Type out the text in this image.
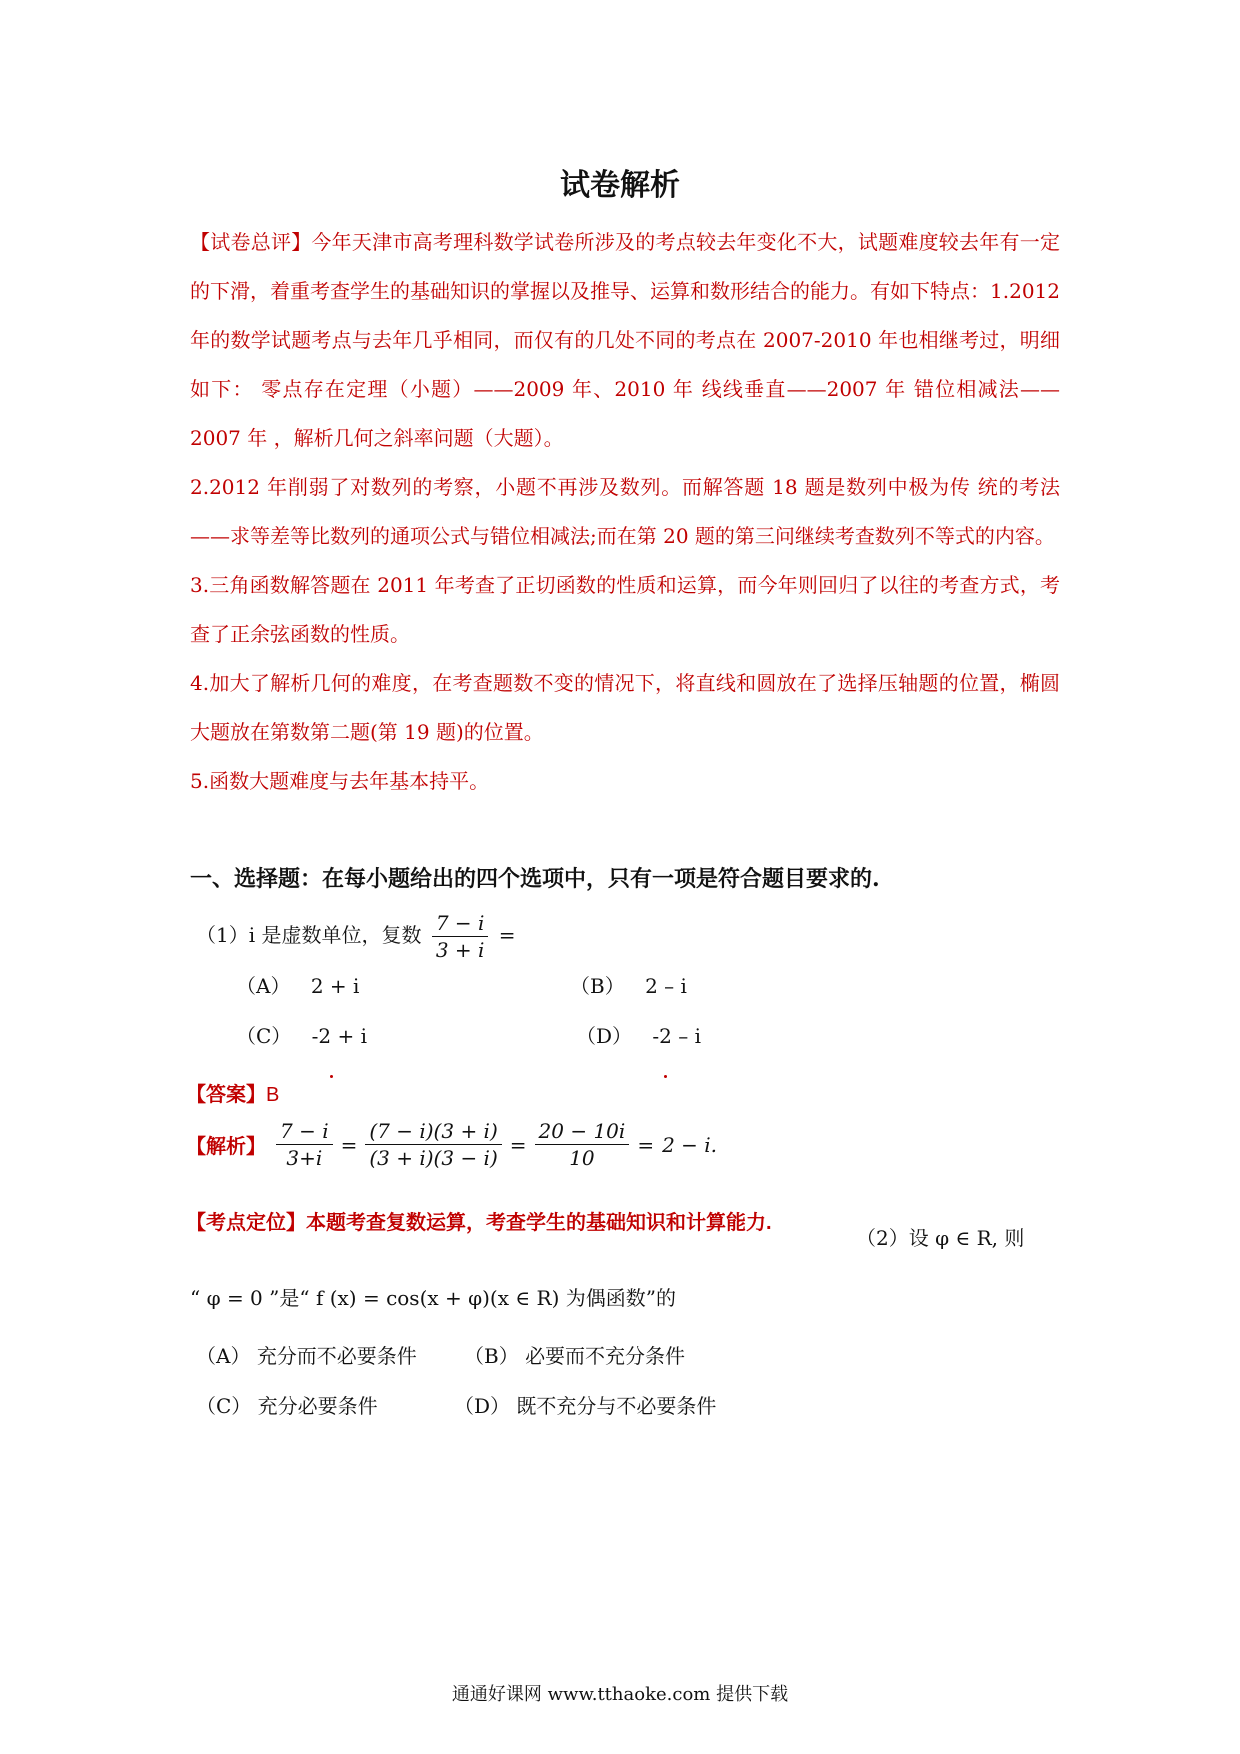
试卷解析

【试卷总评】今年天津市高考理科数学试卷所涉及的考点较去年变化不大，试题难度较去年有一定的下滑，着重考查学生的基础知识的掌握以及推导、运算和数形结合的能力。有如下特点：1.2012 年的数学试题考点与去年几乎相同，而仅有的几处不同的考点在 2007-2010 年也相继考过，明细如下： 零点存在定理（小题）——2009 年、2010 年 线线垂直——2007 年 错位相减法——2007 年 ，解析几何之斜率问题（大题）。

2.2012 年削弱了对数列的考察，小题不再涉及数列。而解答题 18 题是数列中极为传 统的考法——求等差等比数列的通项公式与错位相减法;而在第 20 题的第三问继续考查数列不等式的内容。

3.三角函数解答题在 2011 年考查了正切函数的性质和运算，而今年则回归了以往的考查方式，考查了正余弦函数的性质。

4.加大了解析几何的难度，在考查题数不变的情况下，将直线和圆放在了选择压轴题的位置，椭圆大题放在第数第二题(第 19 题)的位置。

5.函数大题难度与去年基本持平。

一、选择题：在每小题给出的四个选项中，只有一项是符合题目要求的.
（1）i 是虚数单位，复数 $\frac{7 - i}{3 + i}$ =
（A） 2 + i	（B） 2 – i
（C） -2 + i	（D） -2 – i
【答案】B
【解析】 $\frac{7 - i}{3+i} = \frac{(7 - i)(3 + i)}{(3 + i)(3 - i)} = \frac{20 - 10i}{10} = 2 - i$.
【考点定位】本题考查复数运算，考查学生的基础知识和计算能力.
（2）设 φ ∈ R, 则
“ φ = 0 ”是“ f (x) = cos(x + φ)(x ∈ R) 为偶函数”的
（A） 充分而不必要条件 （B） 必要而不充分条件
（C） 充分必要条件	（D） 既不充分与不必要条件
通通好课网 www.tthaoke.com 提供下载
